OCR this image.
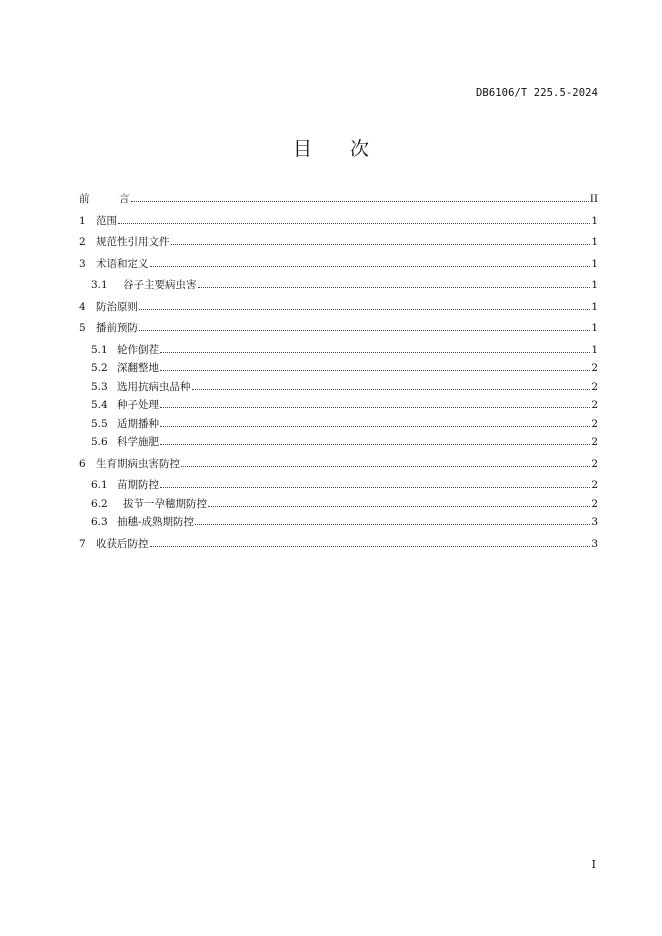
DB6106/T 225.5-2024
目 次
前	言	II
1 范围	1
2 规范性引用文件	1
3 术语和定义	1
3.1	谷子主要病虫害	1
4 防治原则	1
5 播前预防	1
5.1 轮作倒茬	1
5.2 深翻整地	2
5.3 选用抗病虫品种	2
5.4 种子处理	2
5.5 适期播种	2
5.6 科学施肥	2
6 生育期病虫害防控	2
6.1 苗期防控	2
6.2	拔节一孕穗期防控	2
6.3 抽穗-成熟期防控	3
7 收获后防控	3
I
